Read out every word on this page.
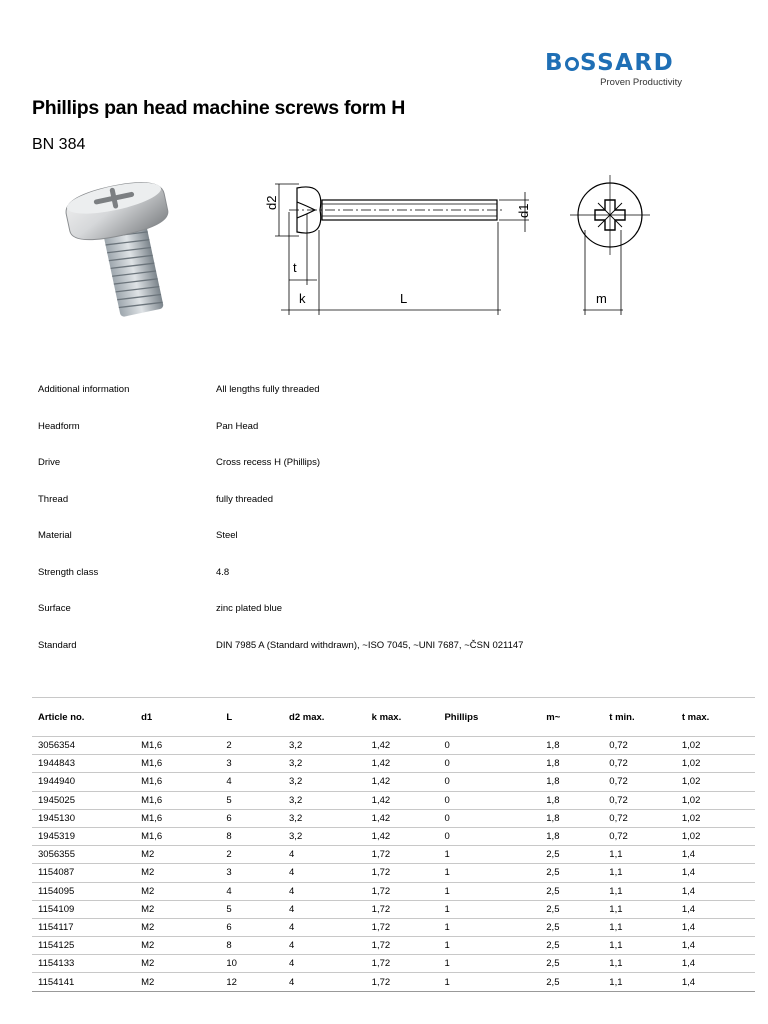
B SSARD
Proven Productivity
Phillips pan head machine screws form H
BN 384
d2
d1
t
k	L	m
Additional information	All lengths fully threaded
Headform	Pan Head
Drive	Cross recess H (Phillips)
Thread	fully threaded
Material	Steel
Strength class	4.8
Surface	zinc plated blue
Standard	DIN 7985 A (Standard withdrawn), ~ISO 7045, ~UNI 7687, ~ČSN 021147
Article no.	d1	L	d2 max.	k max.	Phillips	m~	t min.	t max.
3056354	M1,6	2	3,2	1,42	0	1,8	0,72	1,02
1944843	M1,6	3	3,2	1,42	0	1,8	0,72	1,02
1944940	M1,6	4	3,2	1,42	0	1,8	0,72	1,02
1945025	M1,6	5	3,2	1,42	0	1,8	0,72	1,02
1945130	M1,6	6	3,2	1,42	0	1,8	0,72	1,02
1945319	M1,6	8	3,2	1,42	0	1,8	0,72	1,02
3056355	M2	2	4	1,72	1	2,5	1,1	1,4
1154087	M2	3	4	1,72	1	2,5	1,1	1,4
1154095	M2	4	4	1,72	1	2,5	1,1	1,4
1154109	M2	5	4	1,72	1	2,5	1,1	1,4
1154117	M2	6	4	1,72	1	2,5	1,1	1,4
1154125	M2	8	4	1,72	1	2,5	1,1	1,4
1154133	M2	10	4	1,72	1	2,5	1,1	1,4
1154141	M2	12	4	1,72	1	2,5	1,1	1,4
